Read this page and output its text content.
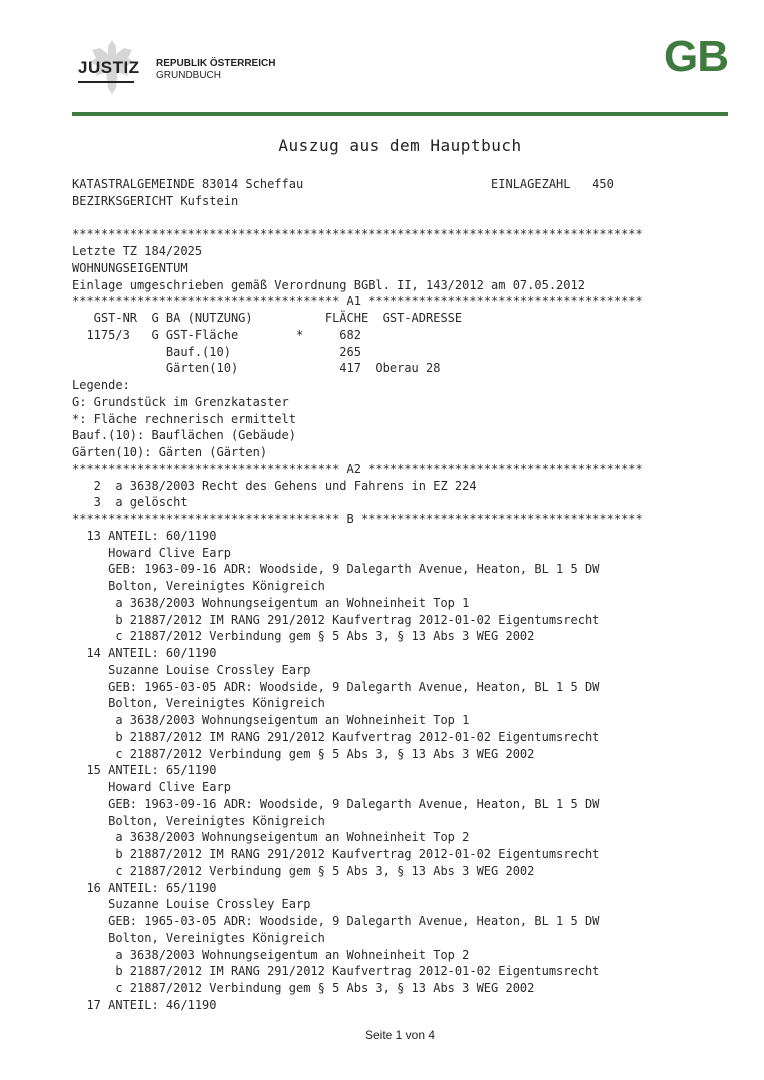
JUSTIZ REPUBLIK ÖSTERREICH
GRUNDBUCH	GB
Auszug aus dem Hauptbuch
KATASTRALGEMEINDE 83014 Scheffau                          EINLAGEZAHL   450
BEZIRKSGERICHT Kufstein

*******************************************************************************
Letzte TZ 184/2025
WOHNUNGSEIGENTUM
Einlage umgeschrieben gemäß Verordnung BGBl. II, 143/2012 am 07.05.2012
************************************* A1 **************************************
GST-NR  G BA (NUTZUNG)          FLÄCHE  GST-ADRESSE
1175/3   G GST-Fläche        *     682
Bauf.(10)               265
Gärten(10)              417  Oberau 28
Legende:
G: Grundstück im Grenzkataster
*: Fläche rechnerisch ermittelt
Bauf.(10): Bauflächen (Gebäude)
Gärten(10): Gärten (Gärten)
************************************* A2 **************************************
2  a 3638/2003 Recht des Gehens und Fahrens in EZ 224
3  a gelöscht
************************************* B ***************************************
13 ANTEIL: 60/1190
Howard Clive Earp
GEB: 1963-09-16 ADR: Woodside, 9 Dalegarth Avenue, Heaton, BL 1 5 DW
Bolton, Vereinigtes Königreich
a 3638/2003 Wohnungseigentum an Wohneinheit Top 1
b 21887/2012 IM RANG 291/2012 Kaufvertrag 2012-01-02 Eigentumsrecht
c 21887/2012 Verbindung gem § 5 Abs 3, § 13 Abs 3 WEG 2002
14 ANTEIL: 60/1190
Suzanne Louise Crossley Earp
GEB: 1965-03-05 ADR: Woodside, 9 Dalegarth Avenue, Heaton, BL 1 5 DW
Bolton, Vereinigtes Königreich
a 3638/2003 Wohnungseigentum an Wohneinheit Top 1
b 21887/2012 IM RANG 291/2012 Kaufvertrag 2012-01-02 Eigentumsrecht
c 21887/2012 Verbindung gem § 5 Abs 3, § 13 Abs 3 WEG 2002
15 ANTEIL: 65/1190
Howard Clive Earp
GEB: 1963-09-16 ADR: Woodside, 9 Dalegarth Avenue, Heaton, BL 1 5 DW
Bolton, Vereinigtes Königreich
a 3638/2003 Wohnungseigentum an Wohneinheit Top 2
b 21887/2012 IM RANG 291/2012 Kaufvertrag 2012-01-02 Eigentumsrecht
c 21887/2012 Verbindung gem § 5 Abs 3, § 13 Abs 3 WEG 2002
16 ANTEIL: 65/1190
Suzanne Louise Crossley Earp
GEB: 1965-03-05 ADR: Woodside, 9 Dalegarth Avenue, Heaton, BL 1 5 DW
Bolton, Vereinigtes Königreich
a 3638/2003 Wohnungseigentum an Wohneinheit Top 2
b 21887/2012 IM RANG 291/2012 Kaufvertrag 2012-01-02 Eigentumsrecht
c 21887/2012 Verbindung gem § 5 Abs 3, § 13 Abs 3 WEG 2002
17 ANTEIL: 46/1190
Seite 1 von 4
